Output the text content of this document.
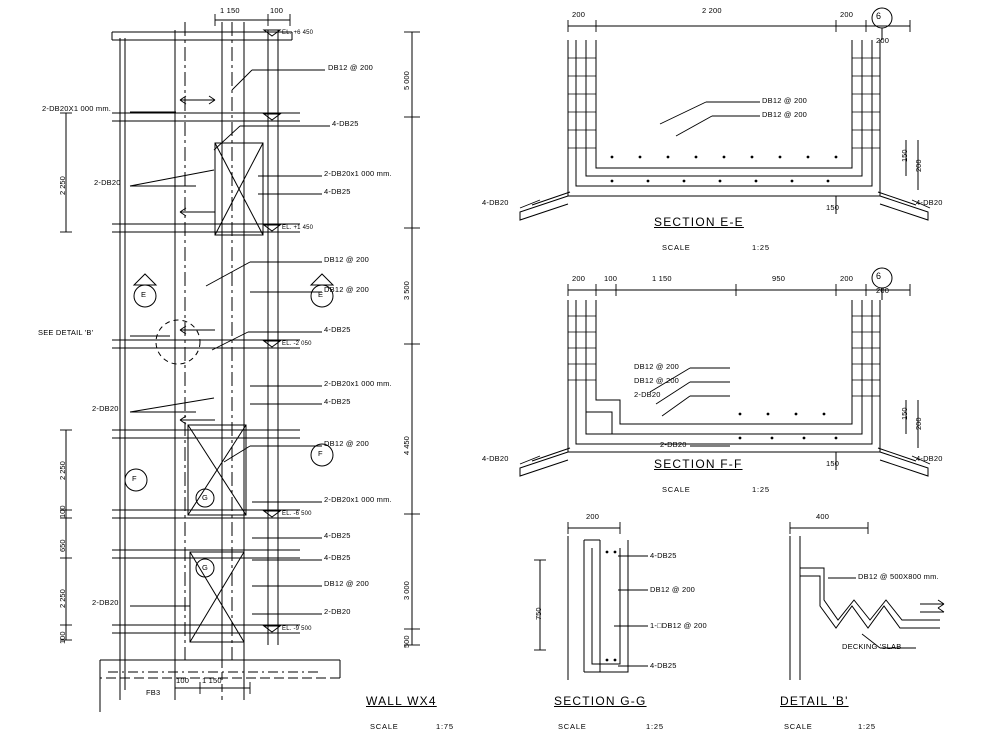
1 150	100
EL. +6 450
EL. +1 450
EL. -2 050
EL. -6 500
EL. -9 500
5 000
3 500
4 450
3 000
500
2 250
2 250
100
650
2 250
100
2-DB20X1 000 mm.
2-DB20
SEE DETAIL 'B'
2-DB20
2-DB20
DB12 @ 200
4-DB25
2-DB20x1 000 mm.
4-DB25
DB12 @ 200
DB12 @ 200
4-DB25
2-DB20x1 000 mm.
4-DB25
DB12 @ 200
2-DB20x1 000 mm.
4-DB25
4-DB25
DB12 @ 200
2-DB20
E	E
F
F
G
G
FB3
100 1 150
6
200	2 200	200
200
DB12 @ 200
DB12 @ 200
4-DB20	4-DB20
150
200
150
6
200	100	1 150	950	200
200
DB12 @ 200
DB12 @ 200
2-DB20
2-DB20
4-DB20	4-DB20
150
200
150
200
750
4-DB25
DB12 @ 200
1-□DB12 @ 200
4-DB25
400
DB12 @ 500X800 mm.
DECKING 'SLAB
SECTION E-E
SCALE	1:25
SECTION F-F
SCALE	1:25
WALL WX4
SCALE	1:75
SECTION G-G
SCALE	1:25
DETAIL 'B'
SCALE	1:25
